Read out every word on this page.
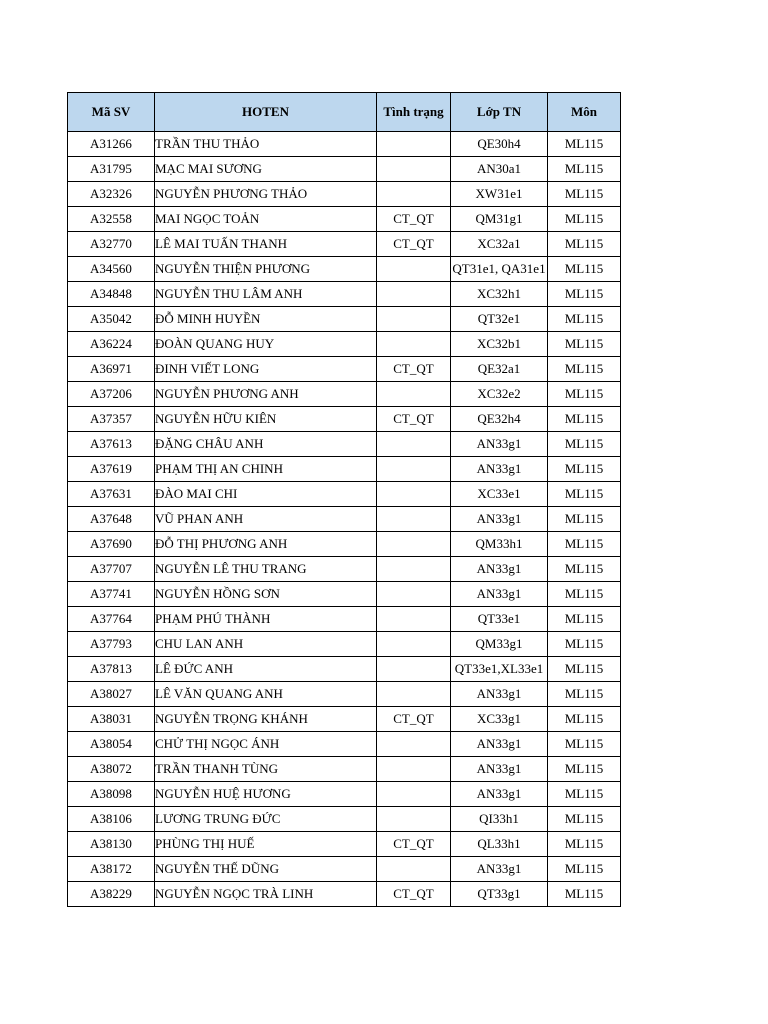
Mã SV	HOTEN	Tình trạng	Lớp TN	Môn
A31266	TRẦN THU THẢO		QE30h4	ML115
A31795	MẠC MAI SƯƠNG		AN30a1	ML115
A32326	NGUYỄN PHƯƠNG THẢO		XW31e1	ML115
A32558	MAI NGỌC TOẢN	CT_QT	QM31g1	ML115
A32770	LÊ MAI TUẤN THANH	CT_QT	XC32a1	ML115
A34560	NGUYỄN THIỆN PHƯƠNG		QT31e1, QA31e1	ML115
A34848	NGUYỄN THU LÂM ANH		XC32h1	ML115
A35042	ĐỖ MINH HUYỀN		QT32e1	ML115
A36224	ĐOÀN QUANG HUY		XC32b1	ML115
A36971	ĐINH VIẾT LONG	CT_QT	QE32a1	ML115
A37206	NGUYỄN PHƯƠNG ANH		XC32e2	ML115
A37357	NGUYỄN HỮU KIÊN	CT_QT	QE32h4	ML115
A37613	ĐẶNG CHÂU ANH		AN33g1	ML115
A37619	PHẠM THỊ AN CHINH		AN33g1	ML115
A37631	ĐÀO MAI CHI		XC33e1	ML115
A37648	VŨ PHAN ANH		AN33g1	ML115
A37690	ĐỖ THỊ PHƯƠNG ANH		QM33h1	ML115
A37707	NGUYỄN LÊ THU TRANG		AN33g1	ML115
A37741	NGUYỄN HỒNG SƠN		AN33g1	ML115
A37764	PHẠM PHÚ THÀNH		QT33e1	ML115
A37793	CHU LAN ANH		QM33g1	ML115
A37813	LÊ ĐỨC ANH		QT33e1,XL33e1	ML115
A38027	LÊ VĂN QUANG ANH		AN33g1	ML115
A38031	NGUYỄN TRỌNG KHÁNH	CT_QT	XC33g1	ML115
A38054	CHỬ THỊ NGỌC ÁNH		AN33g1	ML115
A38072	TRẦN THANH TÙNG		AN33g1	ML115
A38098	NGUYỄN HUỆ HƯƠNG		AN33g1	ML115
A38106	LƯƠNG TRUNG ĐỨC		QI33h1	ML115
A38130	PHÙNG THỊ HUẾ	CT_QT	QL33h1	ML115
A38172	NGUYỄN THẾ DŨNG		AN33g1	ML115
A38229	NGUYỄN NGỌC TRÀ LINH	CT_QT	QT33g1	ML115
